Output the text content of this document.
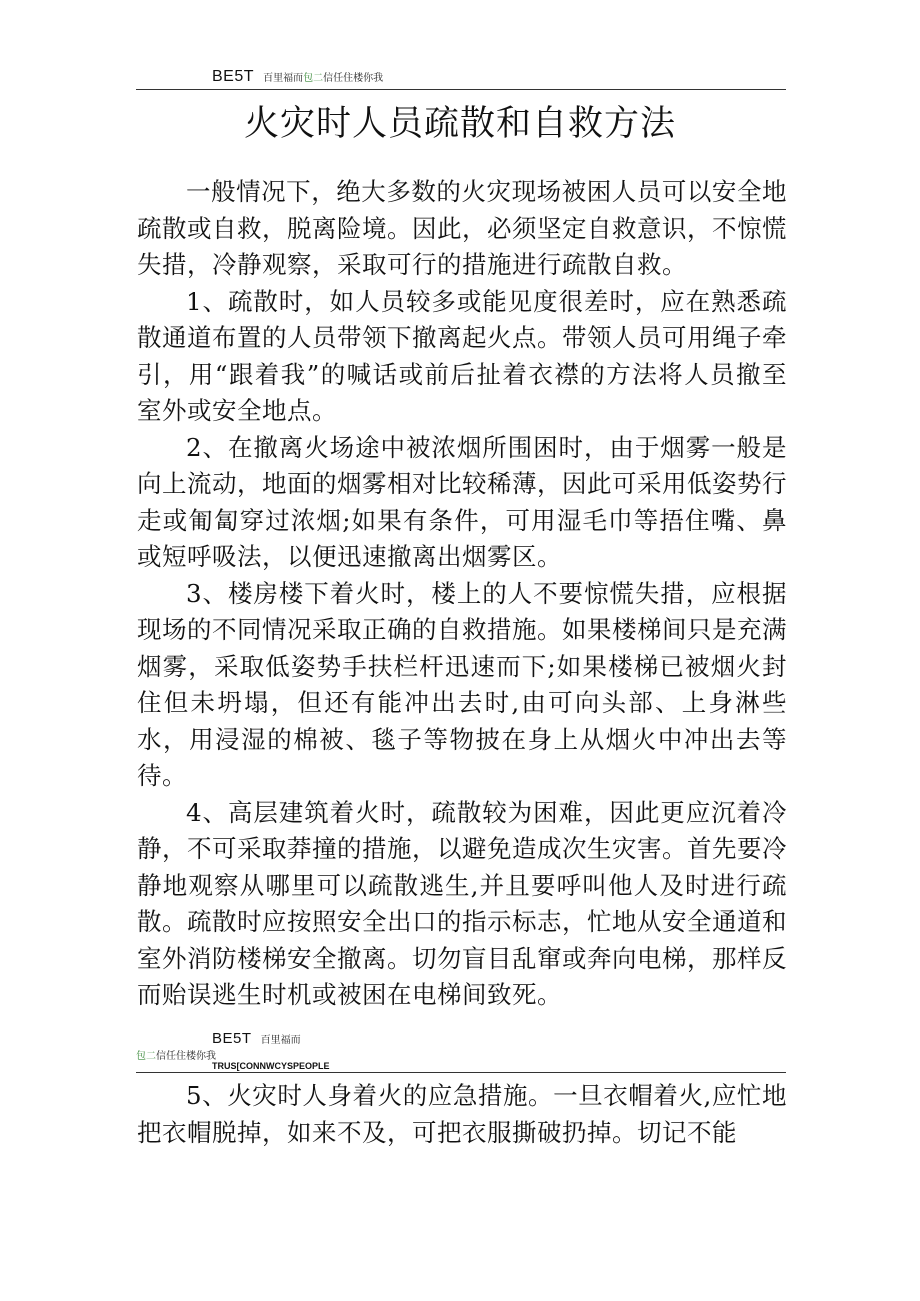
BE5T 百里福而包二信任住楼你我
火灾时人员疏散和自救方法

一般情况下，绝大多数的火灾现场被困人员可以安全地疏散或自救，脱离险境。因此，必须坚定自救意识，不惊慌失措，冷静观察，采取可行的措施进行疏散自救。

1、疏散时，如人员较多或能见度很差时，应在熟悉疏散通道布置的人员带领下撤离起火点。带领人员可用绳子牵引，用“跟着我”的喊话或前后扯着衣襟的方法将人员撤至室外或安全地点。

2、在撤离火场途中被浓烟所围困时，由于烟雾一般是向上流动，地面的烟雾相对比较稀薄，因此可采用低姿势行走或匍匐穿过浓烟;如果有条件，可用湿毛巾等捂住嘴、鼻或短呼吸法，以便迅速撤离出烟雾区。

3、楼房楼下着火时，楼上的人不要惊慌失措，应根据现场的不同情况采取正确的自救措施。如果楼梯间只是充满烟雾，采取低姿势手扶栏杆迅速而下;如果楼梯已被烟火封住但未坍塌，但还有能冲出去时,由可向头部、上身淋些水，用浸湿的棉被、毯子等物披在身上从烟火中冲出去等待。

4、高层建筑着火时，疏散较为困难，因此更应沉着冷静，不可采取莽撞的措施，以避免造成次生灾害。首先要冷静地观察从哪里可以疏散逃生,并且要呼叫他人及时进行疏散。疏散时应按照安全出口的指示标志，忙地从安全通道和室外消防楼梯安全撤离。切勿盲目乱窜或奔向电梯，那样反而贻误逃生时机或被困在电梯间致死。

BE5T 百里福而
包二信任住楼你我
TRUS[CONNWCYSPEOPLE

5、火灾时人身着火的应急措施。一旦衣帽着火,应忙地把衣帽脱掉，如来不及，可把衣服撕破扔掉。切记不能
